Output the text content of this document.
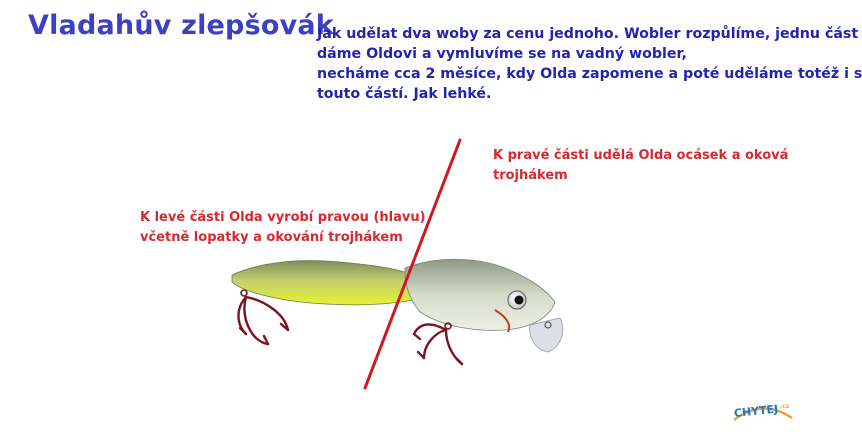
Vladahův zlepšovák
Jak udělat dva woby za cenu jednoho. Wobler rozpůlíme, jednu část
dáme Oldovi a vymluvíme se na vadný wobler,
necháme cca 2 měsíce, kdy Olda zapomene a poté uděláme totéž i s
touto částí. Jak lehké.
K pravé části udělá Olda ocásek a oková
trojhákem
K levé části Olda vyrobí pravou (hlavu)
včetně lopatky a okování trojhákem
CHYTEJ .cz
